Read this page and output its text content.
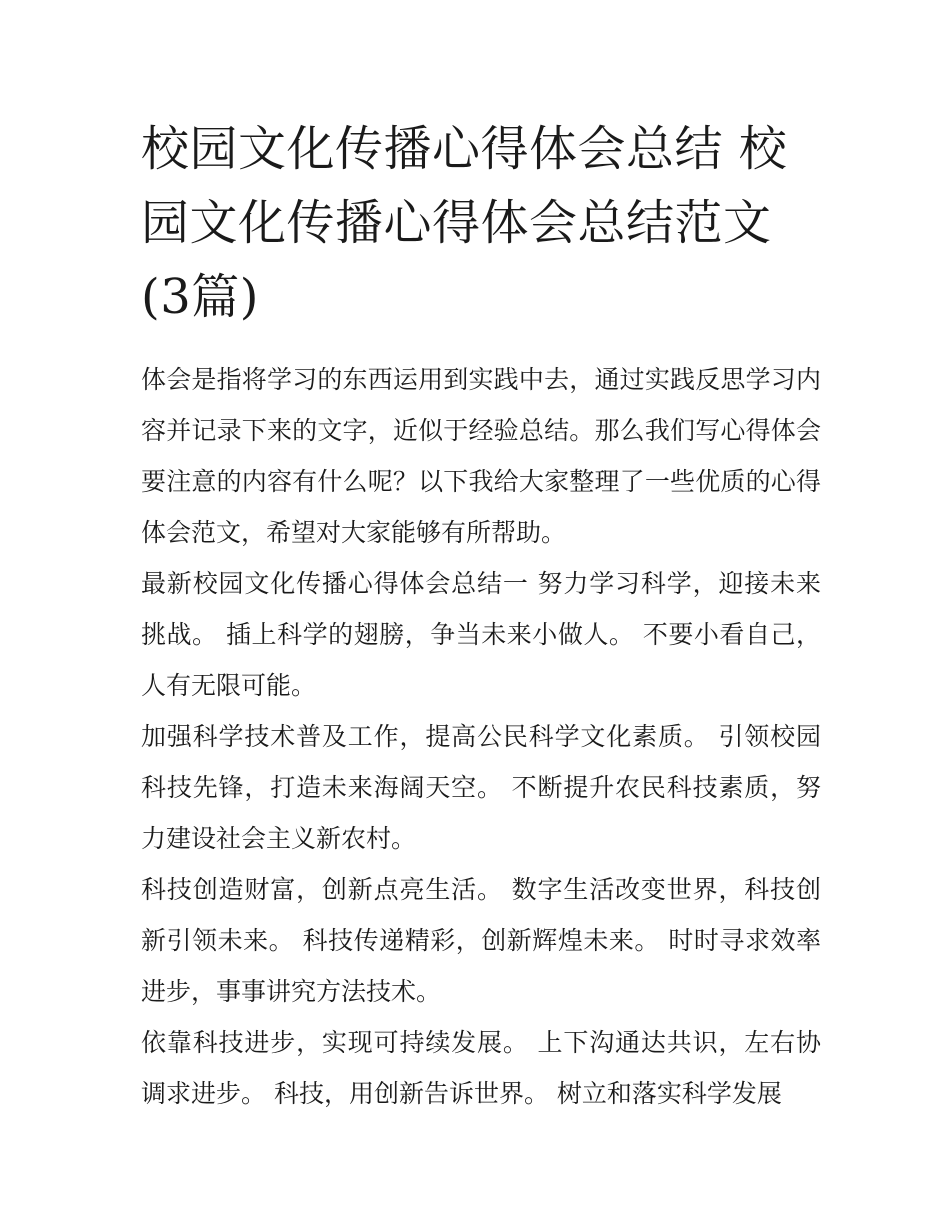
校园文化传播心得体会总结 校园文化传播心得体会总结范文(3篇)

体会是指将学习的东西运用到实践中去，通过实践反思学习内容并记录下来的文字，近似于经验总结。那么我们写心得体会要注意的内容有什么呢？以下我给大家整理了一些优质的心得体会范文，希望对大家能够有所帮助。

最新校园文化传播心得体会总结一 努力学习科学，迎接未来挑战。 插上科学的翅膀，争当未来小做人。 不要小看自己，人有无限可能。

加强科学技术普及工作，提高公民科学文化素质。 引领校园科技先锋，打造未来海阔天空。 不断提升农民科技素质，努力建设社会主义新农村。

科技创造财富，创新点亮生活。 数字生活改变世界，科技创新引领未来。 科技传递精彩，创新辉煌未来。 时时寻求效率进步，事事讲究方法技术。

依靠科技进步，实现可持续发展。 上下沟通达共识，左右协调求进步。 科技，用创新告诉世界。 树立和落实科学发展
